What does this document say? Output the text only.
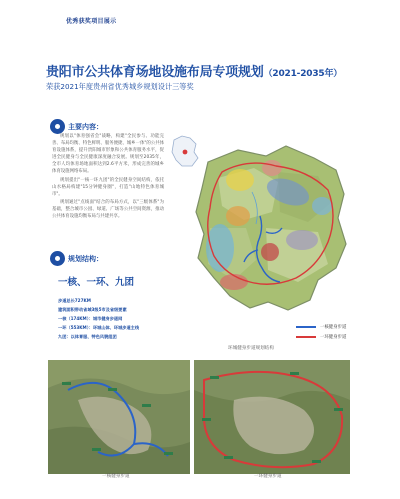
优秀获奖项目展示
贵阳市公共体育场地设施布局专项规划（2021-2035年）
荣获2021年度贵州省优秀城乡规划设计三等奖
主要内容：

规划以"体育强省会"战略，构建"全民参与、功能完善、布局均衡、特色鲜明、服务便捷、城乡一体"的公共体育设施体系，提升贵阳城市形象和公共体育服务水平，促进全民健身与全民健康深度融合发展。规划至2035年，全市人均体育场地面积达到2.6平方米，形成完善的城乡体育设施网络布局。

规划提出"一核一环九团"的全民健身空间结构，依托山水格局构建"15分钟健身圈"，打造"山地特色体育城市"。

规划通过"点线面"结合的布局方式，以"三级体系"为基础，整合城市公园、绿道、广场等公共空间资源，推动公共体育设施均衡布局与共建共享。

规划结构：
一核、一环、九团
步道总长727KM
建筑面积带动省域3级5市及省级要素
一核（174KM）：城市健身步道网
一环（553KM）：环城山体、环城步道主线
九团：以体育服、特色风貌组团
一核健身步道
一环健身步道
环城健身步道规划结构
一核健身步道	一环健身步道
